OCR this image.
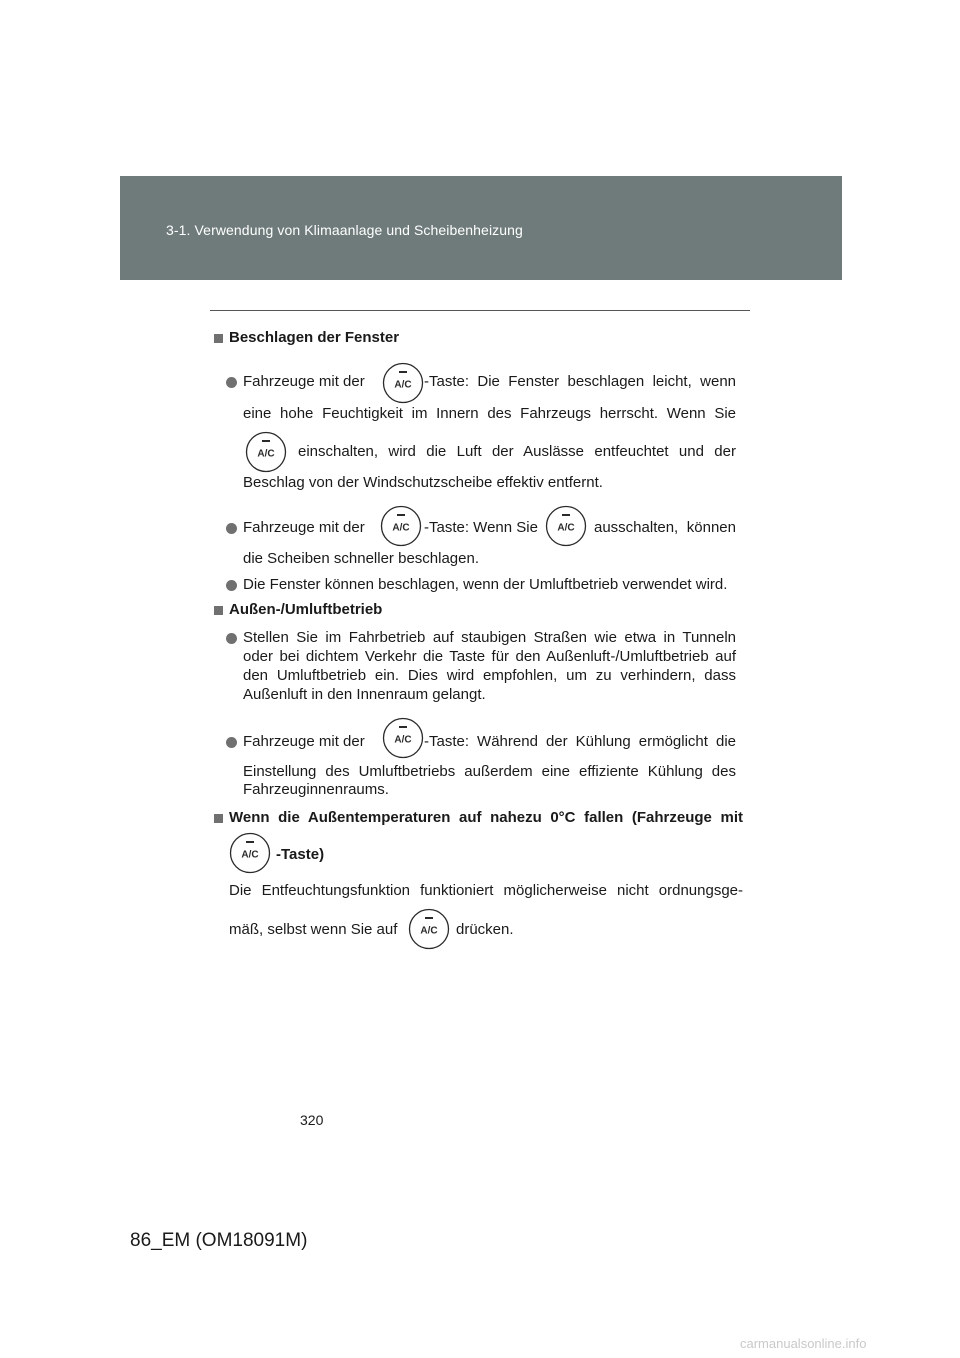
3-1. Verwendung von Klimaanlage und Scheibenheizung
Beschlagen der Fenster
Fahrzeuge mit der	A/C -Taste: Die Fenster beschlagen leicht, wenn
eine hohe Feuchtigkeit im Innern des Fahrzeugs herrscht. Wenn Sie
A/C einschalten, wird die Luft der Auslässe entfeuchtet und der
Beschlag von der Windschutzscheibe effektiv entfernt.
Fahrzeuge mit der	A/C -Taste: Wenn Sie A/C ausschalten, können
die Scheiben schneller beschlagen.
Die Fenster können beschlagen, wenn der Umluftbetrieb verwendet wird.
Außen-/Umluftbetrieb
Stellen Sie im Fahrbetrieb auf staubigen Straßen wie etwa in Tunneln
oder bei dichtem Verkehr die Taste für den Außenluft-/Umluftbetrieb auf
den Umluftbetrieb ein. Dies wird empfohlen, um zu verhindern, dass
Außenluft in den Innenraum gelangt.
Fahrzeuge mit der	A/C -Taste: Während der Kühlung ermöglicht die
Einstellung des Umluftbetriebs außerdem eine effiziente Kühlung des
Fahrzeuginnenraums.
Wenn die Außentemperaturen auf nahezu 0°C fallen (Fahrzeuge mit
A/C -Taste)
Die Entfeuchtungsfunktion funktioniert möglicherweise nicht ordnungsge-
mäß, selbst wenn Sie auf A/C drücken.
320
86_EM (OM18091M)
carmanualsonline.info
